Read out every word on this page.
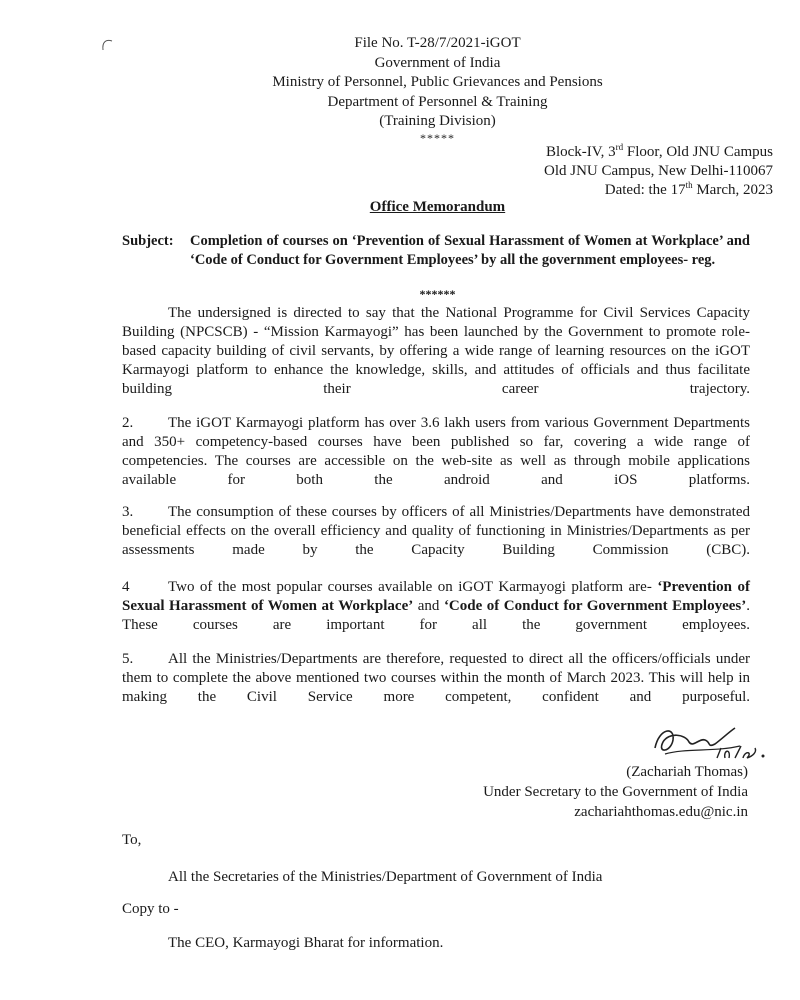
File No. T-28/7/2021-iGOT
Government of India
Ministry of Personnel, Public Grievances and Pensions
Department of Personnel & Training
(Training Division)
*****
Block-IV, 3rd Floor, Old JNU Campus
Old JNU Campus, New Delhi-110067
Dated: the 17th March, 2023
Office Memorandum
Subject: Completion of courses on ‘Prevention of Sexual Harassment of Women at Workplace’ and ‘Code of Conduct for Government Employees’ by all the government employees- reg.
******
The undersigned is directed to say that the National Programme for Civil Services Capacity Building (NPCSCB) - “Mission Karmayogi” has been launched by the Government to promote role-based capacity building of civil servants, by offering a wide range of learning resources on the iGOT Karmayogi platform to enhance the knowledge, skills, and attitudes of officials and thus facilitate building their career trajectory.
2. The iGOT Karmayogi platform has over 3.6 lakh users from various Government Departments and 350+ competency-based courses have been published so far, covering a wide range of competencies. The courses are accessible on the web-site as well as through mobile applications available for both the android and iOS platforms.
3. The consumption of these courses by officers of all Ministries/Departments have demonstrated beneficial effects on the overall efficiency and quality of functioning in Ministries/Departments as per assessments made by the Capacity Building Commission (CBC).
4	Two of the most popular courses available on iGOT Karmayogi platform are- ‘Prevention of Sexual Harassment of Women at Workplace’ and ‘Code of Conduct for Government Employees’. These courses are important for all the government employees.
5. All the Ministries/Departments are therefore, requested to direct all the officers/officials under them to complete the above mentioned two courses within the month of March 2023. This will help in making the Civil Service more competent, confident and purposeful.
(Zachariah Thomas)
Under Secretary to the Government of India
zachariahthomas.edu@nic.in
To,
All the Secretaries of the Ministries/Department of Government of India
Copy to -
The CEO, Karmayogi Bharat for information.
